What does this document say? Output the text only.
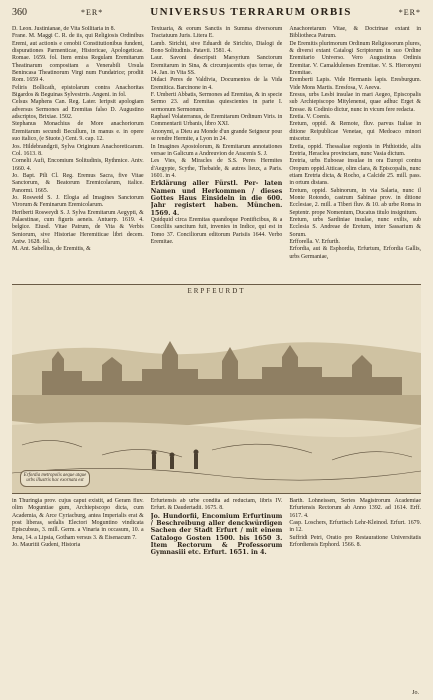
360	*ER*	UNIVERSUS TERRARUM ORBIS	*ER*

D. Leon. Justinianae, de Vita Sollitaria in 8.

Frane. M. Maggi C. R. de iis, qui Religiosis Ordinibus Eremi, aut actionis e cenobii Constitutionibus fundent, dispurationes Parmenticae, Historicae, Apologeticae. Romae. 1659. fol. Item emiss Regulam Eremitarum Theatinarum compositam a Venerabili Ursula Benincasa Theatinorum Virgi num Fundatrice; prodiit Rom. 1659 4.

Feliris Bollicath, epistolarum contra Anachoritas Bigardos & Beguinas Sylvestrris. Angeni. in fol.

Celsus Maphens Can. Reg. Later. Ieripsit apologiam adversus Sermones ad Eremitas falso D. Augustino adscriptos, Brixiae. 1502.

Stephanus Monachius de More anachoriorum Eremitarum secundi Becullum, in manus e. in opere suo italico, (e Stuote.) Cent. 9. cap. 12.

Jos. Hildebrandgrii, Sylva Originum Anachoreticarum. Col. 1613. 8.

Cornelii Aufi, Encomium Solitudinis, Rythmice. Antv. 1660. 4.

Jo. Bapt. Pili Cl. Reg. Eremus Sacra, five Vitae Sanctorum, & Beatorum Eremicolarum, italice. Panormi. 1665.

Jo. Rosweid S. J. Elogia ad Imagines Sanctorum Virorum & Feminarum Eremicolarum.

Heriberti Rosweydi S. J. Sylva Eremitarum Aegypti, & Palaestinae, cum figuris aeneis. Antuerp. 1619. 4. belgice. Eiusd. Vitae Patrum, de Vita & Verbis Seniorum, sive Historiae Heremiticae libri decem. Antw. 1628. fol.

M. Ant. Sabellius, de Eremitis, &

Textuaria, & eorum Sanctis in Summa diversorum Tractatuum Juris. Litera E.

Lamb. Sirichii, sive Eduardi de Sirichio, Dialogi de Bono Solitudinis. Patavii. 1581. 4.

Laur. Savoni descripsit Marsyrium Sanctorum Eremitarum in Sina, & circumjacentis ejus terrae, de 14. Jan. in Vita SS.

Didaci Peres de Valdivia, Documentos de la Vida Eremitica. Barcinone in 4.

F. Umberti Abbatis, Sermones ad Eremitas, & in specie Sermo 23. ad Eremitas quiescientes in parte I. sermonum Sermonum.

Raphael Volaterranus, de Eremitarum Ordinum Viris. in Commentarii Urbanis, libro XXI.

Anonymi, a Dieu au Monde d'un grande Seigneur pour se rendre Hermite, a Lyon in 24.

In Imagines Apostolorum, & Eremitarum annotationes versae in Galicum a Andreuvion de Aracenis S. J.

Les Vies, & Miracles de S.S. Peres Hermites d'Aegypte, Scythe, Thebaide, & autres lieux, a Paris. 1601. in 4.

Erklärung aller Fürstl. Per- laten Namen und Herkommen / dieses Gottes Haus Einsideln in die 600. Jahr registert haben. München. 1569. 4.

Quidquid circa Eremitas quandoque Pontificibus, & a Conciliis sancitum fuit, invenies in Indice, qui est in Tomo 37. Conciliorum editorum Parisiis 1644. Verbo Eremitae.

Anachoretarum Vitae, & Doctrinae extant in Bibliotheca Patrum.

De Eremitis plurimorum Ordinum Religiosorum plures, & diversi extant Catalogi Scriptorum in suo Ordine Eremitario Universo. Vero Augustinus Ordinis Eremitar. V. Camaldulenses Eremitae. V. S. Hieronymi Eremitae.

Eremberti Lapis. Vide Hermanis lapis. Eresburgum. Vide Mons Martis. Eresfosa, V. Aeeva.

Eresus, urbs Lesbi insulae in mari Aegeo, Episcopalis sub Archiepiscopo Mitylenensi, quae adhuc Erget & Eresse. & Codinio dictur, nunc in vicum fere redacta.

Eretia. V. Coenis.

Eretum, oppid. & Remote, fluv. parvus Italiae in ditione Reipublicae Venetae, qui Medoaco minori miscetur.

Eretia, oppid. Thessaliae regionis in Phthiotide, aliis Eretria, Heraclea provinciam, nunc Vasia dictum.

Eretria, urbs Euboeae insulae in ora Europi contra Oropum oppid.Atticae, olim clara, & Episcopalis, nunc etiam Eretria dicta, & Rocho, a Calcide 25. mill. pass. in ortum distans.

Eretum, oppid. Sabinorum, in via Salaria, nunc il Monte Rotondo, castrum Sabinae prov. in ditione Ecclesiae, 2. mill. a Tiberi fluv. & 10. ab urbe Roma in Septentr. prope Nomentum, Ducatus titulo insignitum.

Eretum, urbs Sardiniae insulae, nunc exilis, sub Ecclesia S. Andreae de Eretum, inter Sassarium & Sorum.

Erfforella. V. Erfurth.

Erfordia, aut & Esphordia, Erfurtum, Erfordia Gallis, urbs Germaniae,

ERPFEURDT
Erfordia metropolis aeque atque urbs illustris hac exornata est

in Thuringia prov. cujus caput existit, ad Geram fluv. olim Moguntiae gum, Archiepiscopo dicta, cum Academia, & Arce Cyriacburg, antea Imperialis erat & post liberas, sedalis Electori Moguntino vindicata Episcubsus, 3. mill. Germ. a Vinaria in occasum, 10. a Jena, 14. a Lipsia, Gotham versus 3. & Eisenacum 7.

Jo. Mauritii Gudeni, Historia

Erfurtensis ab urbe condita ad reductam, libris IV. Erfurt. & Daudertadii. 1675. 8.

Jo. Hundorfii, Encomium Erfurtinum / Beschreibung aller denckwürdigen Sachen der Stadt Erfurt / mit einem Catalogo Gosten 1500. bis 1650 3. Item Rectorum & Professorum Gymnasiii etc. Erfurt. 1651. in 4.

Barth. Lohneissen, Series Magistrorum Academiae Erfurtensis Rectorum ab Anno 1392. ad 1614. Erff. 1617. 4.

Casp. Loschers, Erfurtisch Lehr-Kleinod. Erfurt. 1679. in 12.

Suffridi Petri, Oratio pro Restauratione Universitatis Erfordiensis Erphord. 1566. 8.

Jo.
